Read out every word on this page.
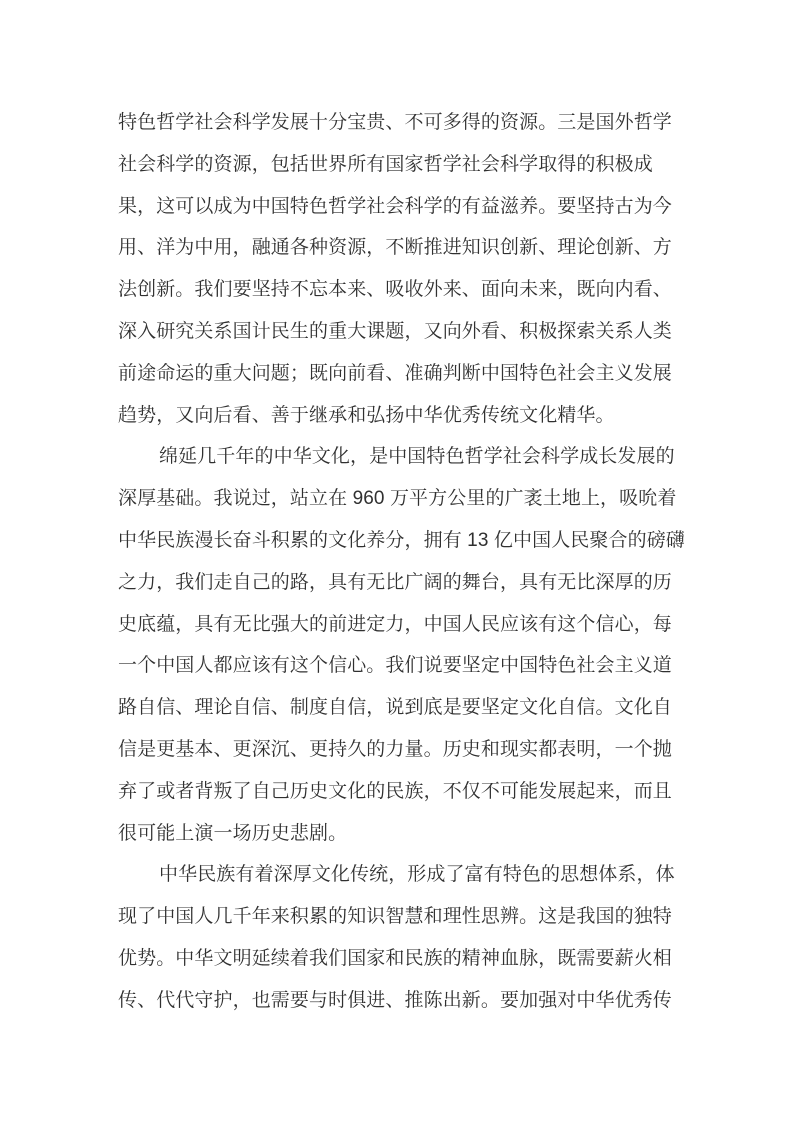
特色哲学社会科学发展十分宝贵、不可多得的资源。三是国外哲学
社会科学的资源，包括世界所有国家哲学社会科学取得的积极成
果，这可以成为中国特色哲学社会科学的有益滋养。要坚持古为今
用、洋为中用，融通各种资源，不断推进知识创新、理论创新、方
法创新。我们要坚持不忘本来、吸收外来、面向未来，既向内看、
深入研究关系国计民生的重大课题，又向外看、积极探索关系人类
前途命运的重大问题；既向前看、准确判断中国特色社会主义发展
趋势，又向后看、善于继承和弘扬中华优秀传统文化精华。
绵延几千年的中华文化，是中国特色哲学社会科学成长发展的
深厚基础。我说过，站立在 960 万平方公里的广袤土地上，吸吮着
中华民族漫长奋斗积累的文化养分，拥有 13 亿中国人民聚合的磅礴
之力，我们走自己的路，具有无比广阔的舞台，具有无比深厚的历
史底蕴，具有无比强大的前进定力，中国人民应该有这个信心，每
一个中国人都应该有这个信心。我们说要坚定中国特色社会主义道
路自信、理论自信、制度自信，说到底是要坚定文化自信。文化自
信是更基本、更深沉、更持久的力量。历史和现实都表明，一个抛
弃了或者背叛了自己历史文化的民族，不仅不可能发展起来，而且
很可能上演一场历史悲剧。
中华民族有着深厚文化传统，形成了富有特色的思想体系，体
现了中国人几千年来积累的知识智慧和理性思辨。这是我国的独特
优势。中华文明延续着我们国家和民族的精神血脉，既需要薪火相
传、代代守护，也需要与时俱进、推陈出新。要加强对中华优秀传
